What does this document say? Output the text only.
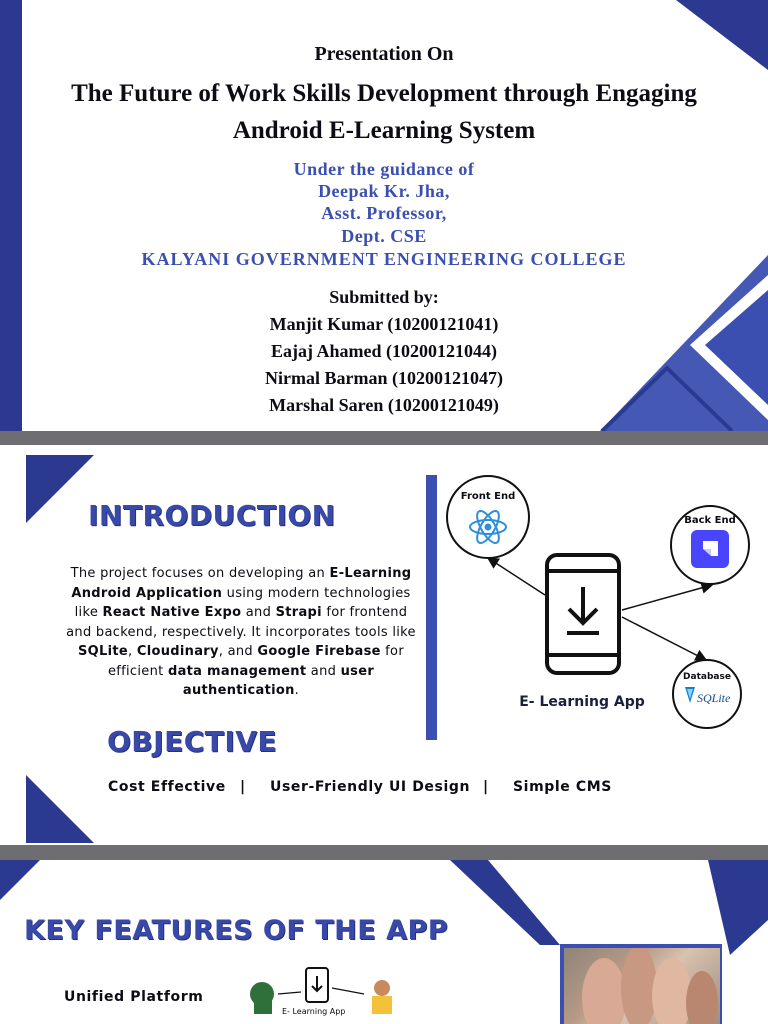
Presentation On
The Future of Work Skills Development through Engaging
Android E-Learning System
Under the guidance of
Deepak Kr. Jha,
Asst. Professor,
Dept. CSE
KALYANI GOVERNMENT ENGINEERING COLLEGE
Submitted by:
Manjit Kumar (10200121041)
Eajaj Ahamed (10200121044)
Nirmal Barman (10200121047)
Marshal Saren (10200121049)
INTRODUCTION
The project focuses on developing an E-Learning Android Application using modern technologies like React Native Expo and Strapi for frontend and backend, respectively. It incorporates tools like SQLite, Cloudinary, and Google Firebase for efficient data management and user authentication.
OBJECTIVE
Cost Effective | User-Friendly UI Design | Simple CMS
Front End
Back End
Database
SQLite
E- Learning App
KEY FEATURES OF THE APP
Unified Platform
E- Learning App
